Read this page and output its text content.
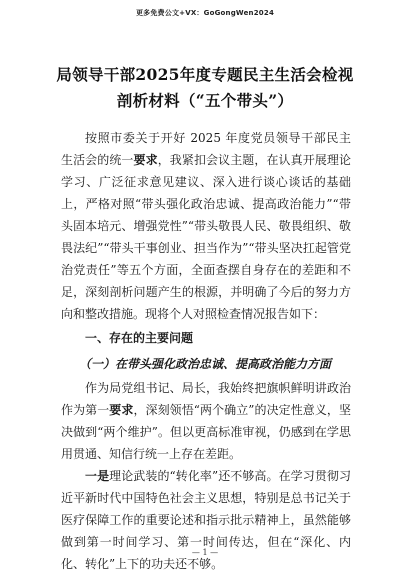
更多免费公文+VX：GoGongWen2024
局领导干部2025年度专题民主生活会检视剖析材料（“五个带头”）

按照市委关于开好 2025 年度党员领导干部民主生活会的统一要求，我紧扣会议主题，在认真开展理论学习、广泛征求意见建议、深入进行谈心谈话的基础上，严格对照“带头强化政治忠诚、提高政治能力”“带头固本培元、增强党性”“带头敬畏人民、敬畏组织、敬畏法纪”“带头干事创业、担当作为”“带头坚决扛起管党治党责任”等五个方面，全面查摆自身存在的差距和不足，深刻剖析问题产生的根源，并明确了今后的努力方向和整改措施。现将个人对照检查情况报告如下：

一、存在的主要问题
（一）在带头强化政治忠诚、提高政治能力方面

作为局党组书记、局长，我始终把旗帜鲜明讲政治作为第一要求，深刻领悟“两个确立”的决定性意义，坚决做到“两个维护”。但以更高标准审视，仍感到在学思用贯通、知信行统一上存在差距。

一是理论武装的“转化率”还不够高。在学习贯彻习近平新时代中国特色社会主义思想，特别是总书记关于医疗保障工作的重要论述和指示批示精神上，虽然能够做到第一时间学习、第一时间传达，但在“深化、内化、转化”上下的功夫还不够。

— 1 —
